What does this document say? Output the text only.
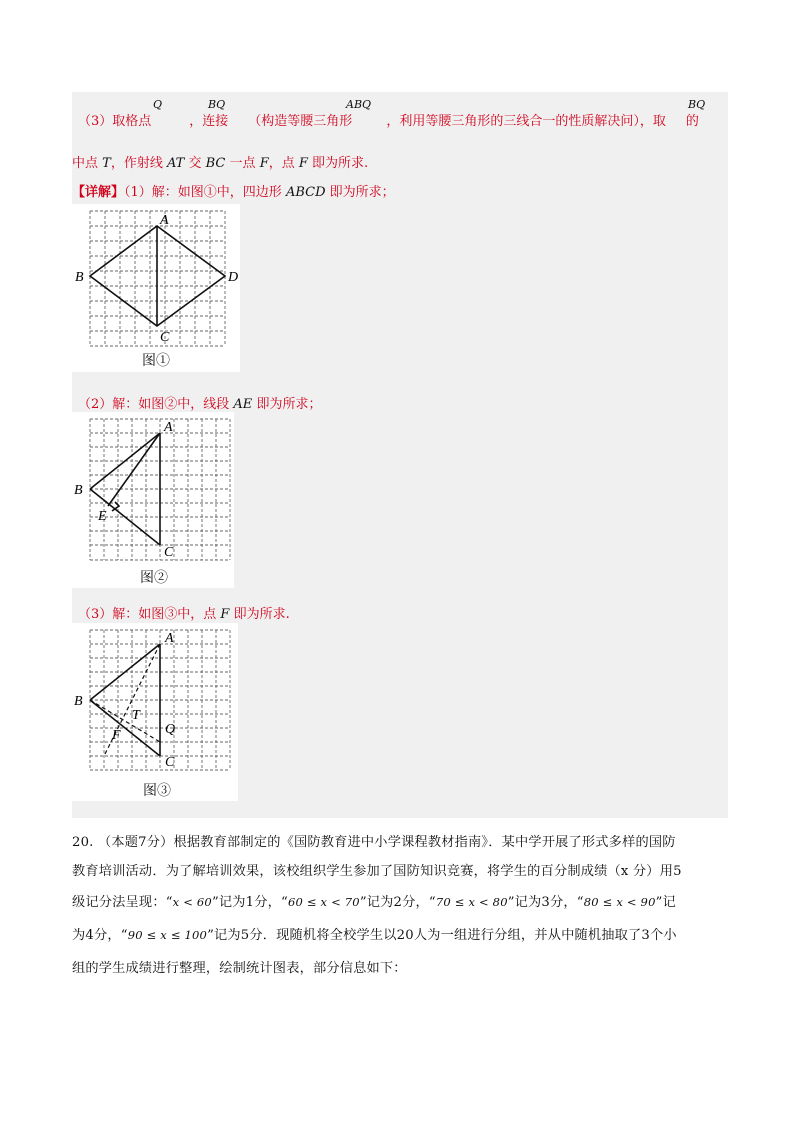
Q	BQ	ABQ	BQ
（3）取格点	，连接 （构造等腰三角形	，利用等腰三角形的三线合一的性质解决问），取 的
中点 T，作射线 AT 交 BC 一点 F，点 F 即为所求.
【详解】（1）解：如图①中，四边形 ABCD 即为所求；
A
B
C
D
图①
（2）解：如图②中，线段 AE 即为所求；
A
B
C
E
图②
（3）解：如图③中，点 F 即为所求.
A
B
C
Q
T
F
图③
20. （本题7分）根据教育部制定的《国防教育进中小学课程教材指南》．某中学开展了形式多样的国防
教育培训活动．为了解培训效果，该校组织学生参加了国防知识竞赛，将学生的百分制成绩（x 分）用5
级记分法呈现：“x < 60”记为1分，“60 ≤ x < 70”记为2分，“70 ≤ x < 80”记为3分，“80 ≤ x < 90”记
为4分，“90 ≤ x ≤ 100”记为5分．现随机将全校学生以20人为一组进行分组，并从中随机抽取了3个小
组的学生成绩进行整理，绘制统计图表，部分信息如下：
